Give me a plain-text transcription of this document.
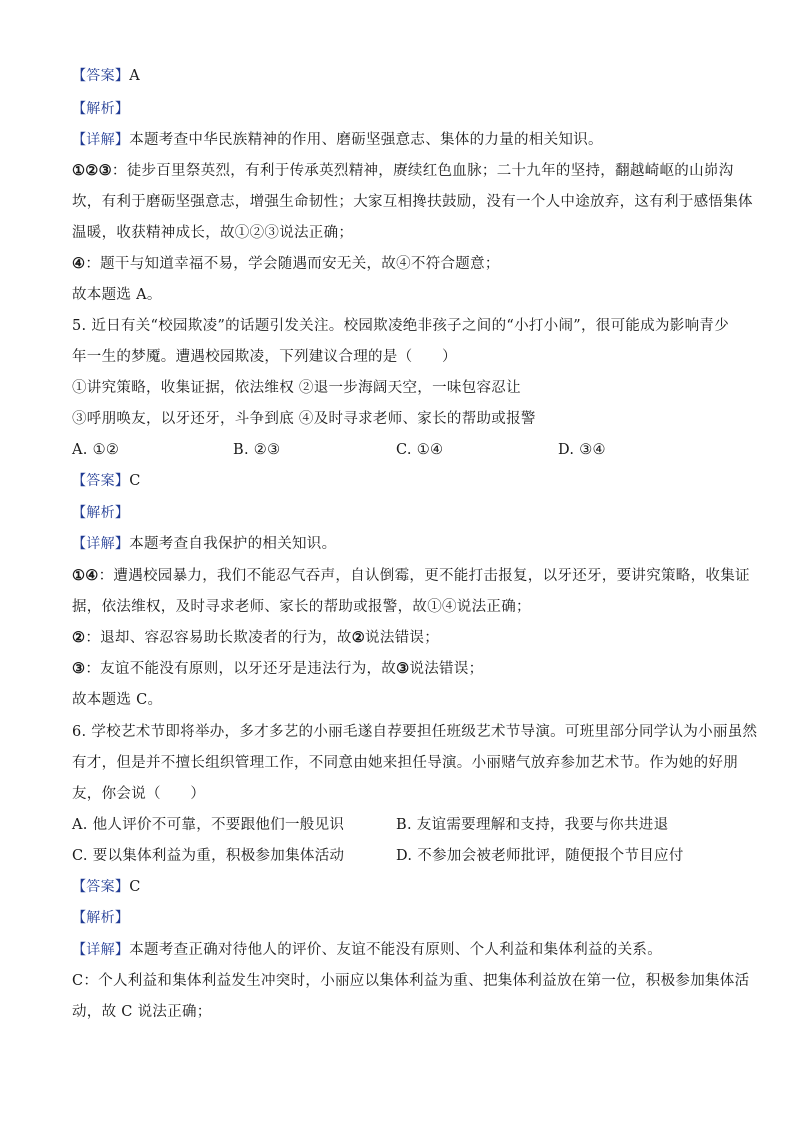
【答案】A
【解析】
【详解】本题考查中华民族精神的作用、磨砺坚强意志、集体的力量的相关知识。
①②③：徒步百里祭英烈，有利于传承英烈精神，赓续红色血脉；二十九年的坚持，翻越崎岖的山峁沟
坎，有利于磨砺坚强意志，增强生命韧性；大家互相搀扶鼓励，没有一个人中途放弃，这有利于感悟集体
温暖，收获精神成长，故①②③说法正确；
④：题干与知道幸福不易，学会随遇而安无关，故④不符合题意；
故本题选 A。
5. 近日有关“校园欺凌”的话题引发关注。校园欺凌绝非孩子之间的“小打小闹”，很可能成为影响青少
年一生的梦魇。遭遇校园欺凌，下列建议合理的是（　　）
①讲究策略，收集证据，依法维权 ②退一步海阔天空，一味包容忍让
③呼朋唤友，以牙还牙，斗争到底 ④及时寻求老师、家长的帮助或报警
A. ①②	B. ②③	C. ①④	D. ③④
【答案】C
【解析】
【详解】本题考查自我保护的相关知识。
①④：遭遇校园暴力，我们不能忍气吞声，自认倒霉，更不能打击报复，以牙还牙，要讲究策略，收集证
据，依法维权，及时寻求老师、家长的帮助或报警，故①④说法正确；
②：退却、容忍容易助长欺凌者的行为，故②说法错误；
③：友谊不能没有原则，以牙还牙是违法行为，故③说法错误；
故本题选 C。
6. 学校艺术节即将举办，多才多艺的小丽毛遂自荐要担任班级艺术节导演。可班里部分同学认为小丽虽然
有才，但是并不擅长组织管理工作，不同意由她来担任导演。小丽赌气放弃参加艺术节。作为她的好朋
友，你会说（　　）
A. 他人评价不可靠，不要跟他们一般见识	B. 友谊需要理解和支持，我要与你共进退
C. 要以集体利益为重，积极参加集体活动	D. 不参加会被老师批评，随便报个节目应付
【答案】C
【解析】
【详解】本题考查正确对待他人的评价、友谊不能没有原则、个人利益和集体利益的关系。
C：个人利益和集体利益发生冲突时，小丽应以集体利益为重、把集体利益放在第一位，积极参加集体活
动，故 C 说法正确；
